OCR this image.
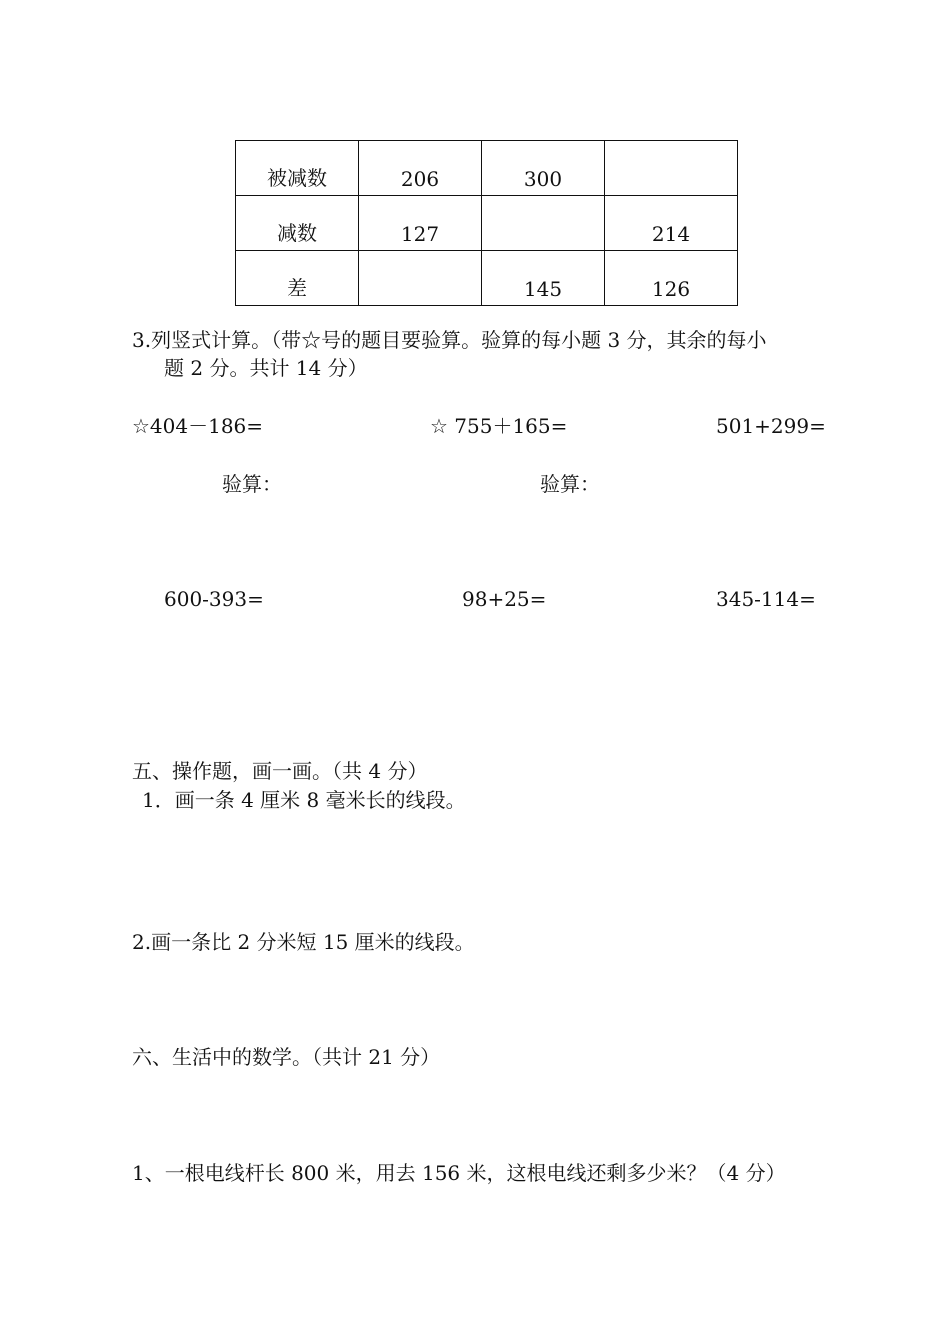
被减数	206	300	
减数	127		214
差		145	126
3.列竖式计算。（带☆号的题目要验算。验算的每小题 3 分，其余的每小
题 2 分。共计 14 分）
☆404－186=	☆ 755＋165=	501+299=
验算：	验算：
600-393=	98+25=	345-114=
五、操作题，画一画。（共 4 分）
1．画一条 4 厘米 8 毫米长的线段。
2.画一条比 2 分米短 15 厘米的线段。
六、生活中的数学。（共计 21 分）
1、一根电线杆长 800 米，用去 156 米，这根电线还剩多少米？（4 分）
